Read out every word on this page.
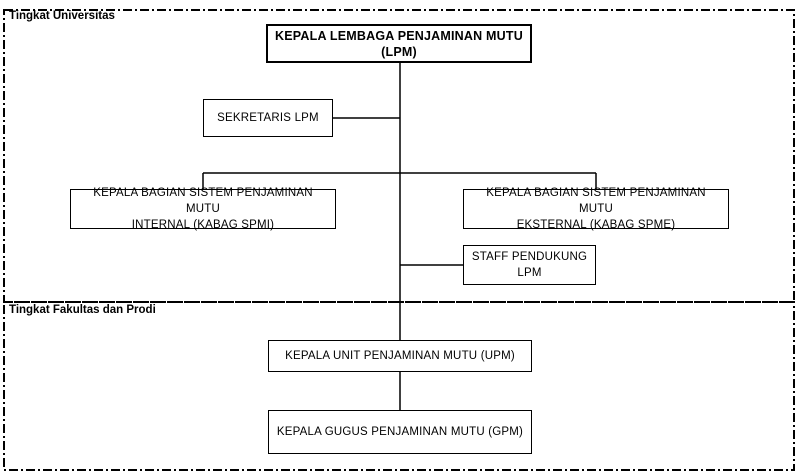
Tingkat Universitas
Tingkat Fakultas dan Prodi
KEPALA LEMBAGA PENJAMINAN MUTU
(LPM)
SEKRETARIS LPM
KEPALA BAGIAN SISTEM PENJAMINAN MUTU
INTERNAL (KABAG SPMI)
KEPALA BAGIAN SISTEM PENJAMINAN MUTU
EKSTERNAL (KABAG SPME)
STAFF PENDUKUNG
LPM
KEPALA UNIT PENJAMINAN MUTU (UPM)
KEPALA GUGUS PENJAMINAN MUTU (GPM)
